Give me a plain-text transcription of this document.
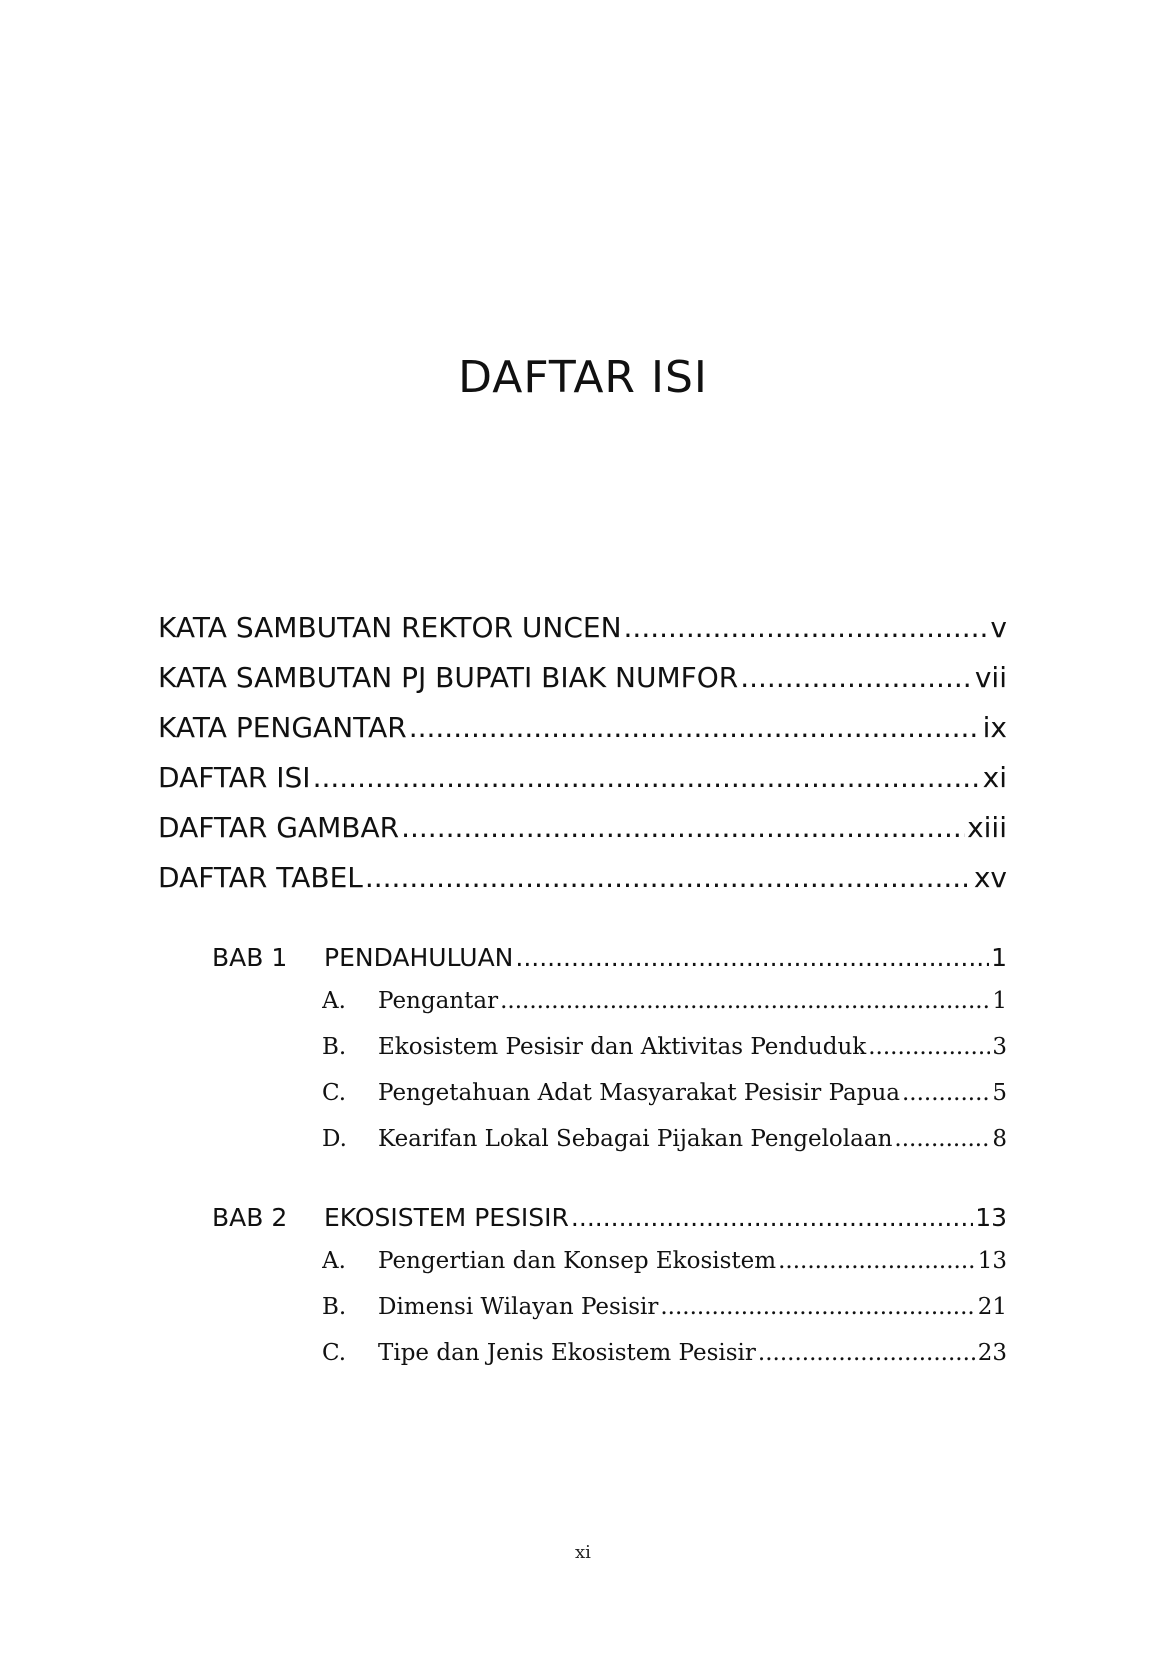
DAFTAR ISI
KATA SAMBUTAN REKTOR UNCEN .....	v
KATA SAMBUTAN PJ BUPATI BIAK NUMFOR .....	vii
KATA PENGANTAR .....	ix
DAFTAR ISI .....	xi
DAFTAR GAMBAR .....	xiii
DAFTAR TABEL .....	xv
BAB 1	PENDAHULUAN .....	1
A.	Pengantar .....	1
B.	Ekosistem Pesisir dan Aktivitas Penduduk .....	3
C.	Pengetahuan Adat Masyarakat Pesisir Papua .....	5
D.	Kearifan Lokal Sebagai Pijakan Pengelolaan .....	8
BAB 2	EKOSISTEM PESISIR .....	13
A.	Pengertian dan Konsep Ekosistem .....	13
B.	Dimensi Wilayan Pesisir .....	21
C.	Tipe dan Jenis Ekosistem Pesisir .....	23
xi
